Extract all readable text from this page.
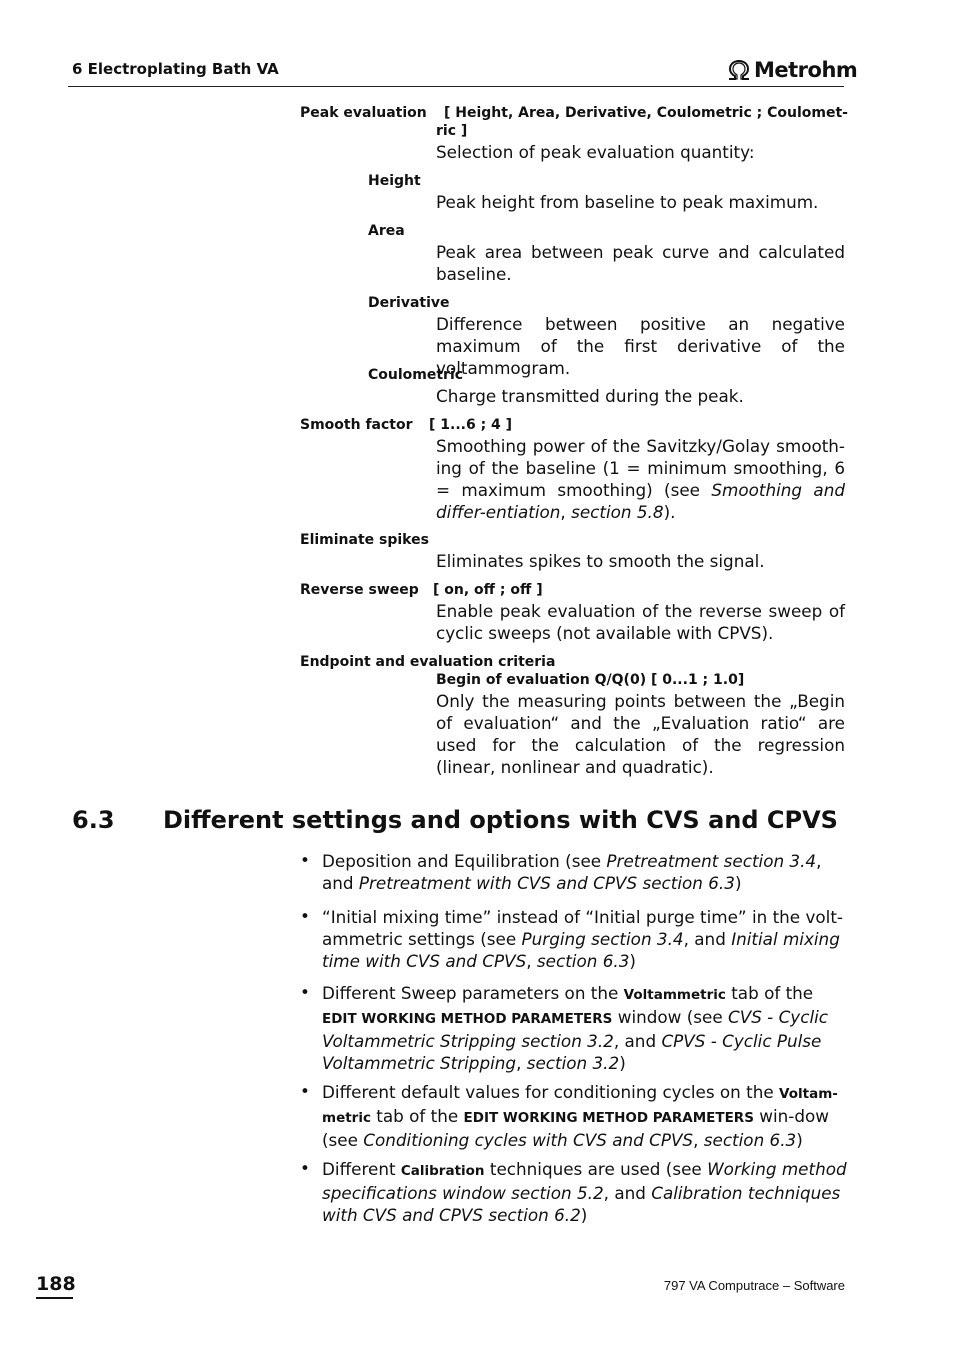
6 Electroplating Bath VA	Metrohm
Peak evaluation [ Height, Area, Derivative, Coulometric ; Coulomet-
ric ]
Selection of peak evaluation quantity:
Height
Peak height from baseline to peak maximum.
Area
Peak area between peak curve and calculated baseline.
Derivative
Difference between positive an negative maximum of the first derivative of the voltammogram.
Coulometric
Charge transmitted during the peak.
Smooth factor [ 1...6 ; 4 ]
Smoothing power of the Savitzky/Golay smooth-ing of the baseline (1 = minimum smoothing, 6 = maximum smoothing) (see Smoothing and differ-entiation, section 5.8).
Eliminate spikes
Eliminates spikes to smooth the signal.
Reverse sweep [ on, off ; off ]
Enable peak evaluation of the reverse sweep of cyclic sweeps (not available with CPVS).
Endpoint and evaluation criteria
Begin of evaluation Q/Q(0) [ 0...1 ; 1.0]
Only the measuring points between the „Begin of evaluation“ and the „Evaluation ratio“ are used for the calculation of the regression (linear, nonlinear and quadratic).
6.3 Different settings and options with CVS and CPVS
• Deposition and Equilibration (see Pretreatment section 3.4, and Pretreatment with CVS and CPVS section 6.3)
• “Initial mixing time” instead of “Initial purge time” in the volt-ammetric settings (see Purging section 3.4, and Initial mixing time with CVS and CPVS, section 6.3)
• Different Sweep parameters on the Voltammetric tab of the EDIT WORKING METHOD PARAMETERS window (see CVS - Cyclic Voltammetric Stripping section 3.2, and CPVS - Cyclic Pulse Voltammetric Stripping, section 3.2)
• Different default values for conditioning cycles on the Voltam-metric tab of the EDIT WORKING METHOD PARAMETERS win-dow (see Conditioning cycles with CVS and CPVS, section 6.3)
• Different Calibration techniques are used (see Working method specifications window section 5.2, and Calibration techniques with CVS and CPVS section 6.2)
188	797 VA Computrace – Software
